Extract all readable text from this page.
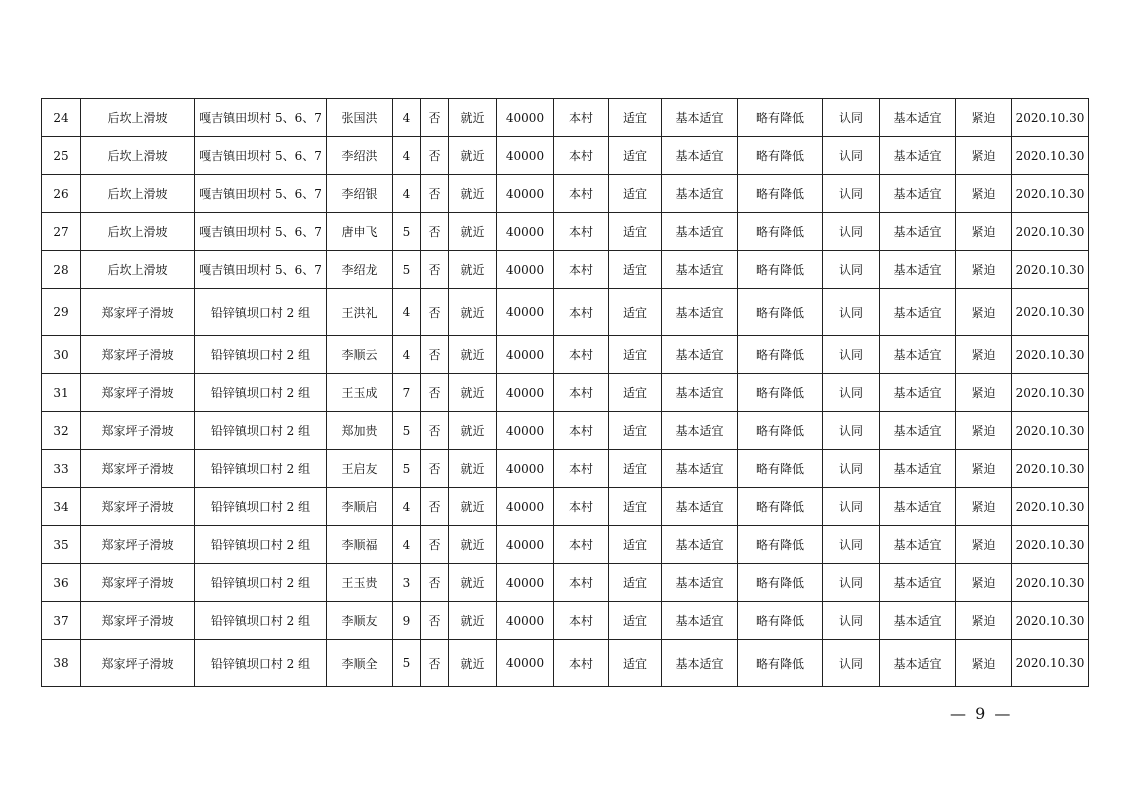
24	后坎上滑坡	嘎吉镇田坝村 5、6、7	张国洪	4	否	就近	40000	本村	适宜	基本适宜	略有降低	认同	基本适宜	紧迫	2020.10.30
25	后坎上滑坡	嘎吉镇田坝村 5、6、7	李绍洪	4	否	就近	40000	本村	适宜	基本适宜	略有降低	认同	基本适宜	紧迫	2020.10.30
26	后坎上滑坡	嘎吉镇田坝村 5、6、7	李绍银	4	否	就近	40000	本村	适宜	基本适宜	略有降低	认同	基本适宜	紧迫	2020.10.30
27	后坎上滑坡	嘎吉镇田坝村 5、6、7	唐申飞	5	否	就近	40000	本村	适宜	基本适宜	略有降低	认同	基本适宜	紧迫	2020.10.30
28	后坎上滑坡	嘎吉镇田坝村 5、6、7	李绍龙	5	否	就近	40000	本村	适宜	基本适宜	略有降低	认同	基本适宜	紧迫	2020.10.30
29	郑家坪子滑坡	铅锌镇坝口村 2 组	王洪礼	4	否	就近	40000	本村	适宜	基本适宜	略有降低	认同	基本适宜	紧迫	2020.10.30
30	郑家坪子滑坡	铅锌镇坝口村 2 组	李顺云	4	否	就近	40000	本村	适宜	基本适宜	略有降低	认同	基本适宜	紧迫	2020.10.30
31	郑家坪子滑坡	铅锌镇坝口村 2 组	王玉成	7	否	就近	40000	本村	适宜	基本适宜	略有降低	认同	基本适宜	紧迫	2020.10.30
32	郑家坪子滑坡	铅锌镇坝口村 2 组	郑加贵	5	否	就近	40000	本村	适宜	基本适宜	略有降低	认同	基本适宜	紧迫	2020.10.30
33	郑家坪子滑坡	铅锌镇坝口村 2 组	王启友	5	否	就近	40000	本村	适宜	基本适宜	略有降低	认同	基本适宜	紧迫	2020.10.30
34	郑家坪子滑坡	铅锌镇坝口村 2 组	李顺启	4	否	就近	40000	本村	适宜	基本适宜	略有降低	认同	基本适宜	紧迫	2020.10.30
35	郑家坪子滑坡	铅锌镇坝口村 2 组	李顺福	4	否	就近	40000	本村	适宜	基本适宜	略有降低	认同	基本适宜	紧迫	2020.10.30
36	郑家坪子滑坡	铅锌镇坝口村 2 组	王玉贵	3	否	就近	40000	本村	适宜	基本适宜	略有降低	认同	基本适宜	紧迫	2020.10.30
37	郑家坪子滑坡	铅锌镇坝口村 2 组	李顺友	9	否	就近	40000	本村	适宜	基本适宜	略有降低	认同	基本适宜	紧迫	2020.10.30
38	郑家坪子滑坡	铅锌镇坝口村 2 组	李顺全	5	否	就近	40000	本村	适宜	基本适宜	略有降低	认同	基本适宜	紧迫	2020.10.30
— 9 —
